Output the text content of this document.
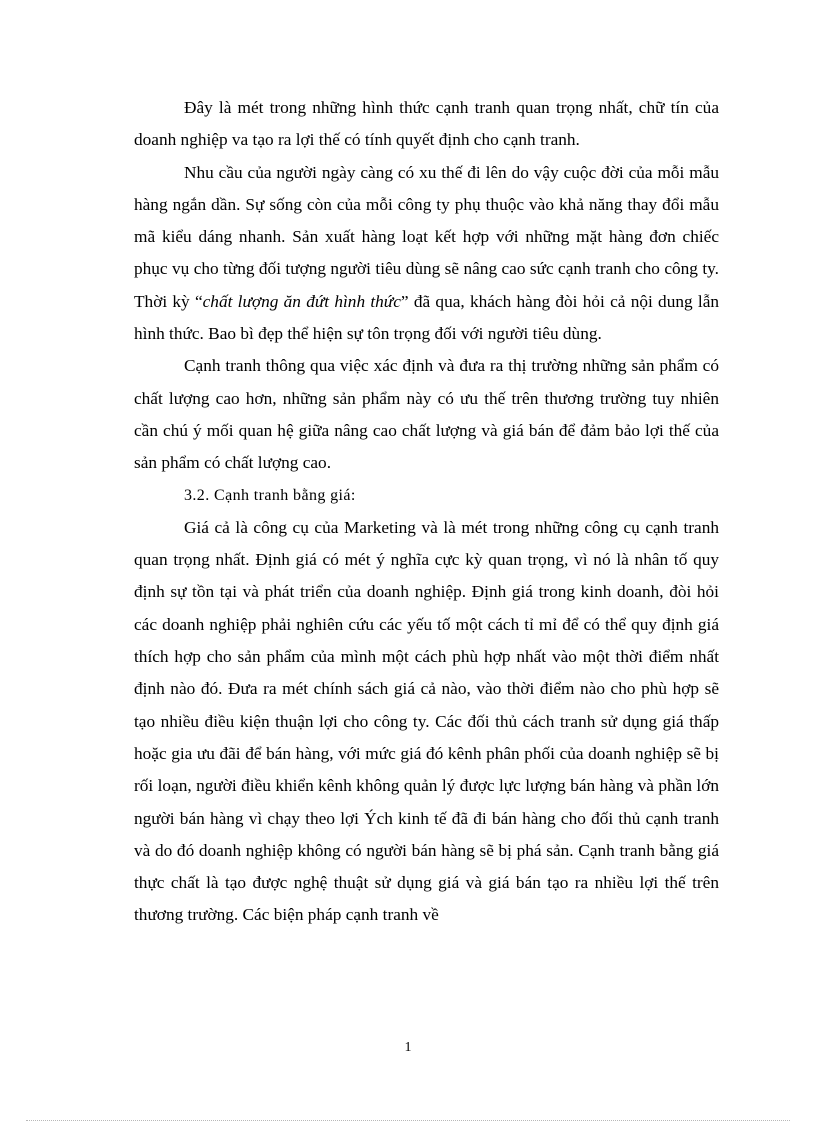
Đây là mét trong những hình thức cạnh tranh quan trọng nhất, chữ tín của doanh nghiệp va tạo ra lợi thế có tính quyết định cho cạnh tranh.

Nhu cầu của người ngày càng có xu thế đi lên do vậy cuộc đời của mỗi mẫu hàng ngắn dần. Sự sống còn của mỗi công ty phụ thuộc vào khả năng thay đổi mẫu mã kiểu dáng nhanh. Sản xuất hàng loạt kết hợp với những mặt hàng đơn chiếc phục vụ cho từng đối tượng người tiêu dùng sẽ nâng cao sức cạnh tranh cho công ty. Thời kỳ “chất lượng ăn đứt hình thức” đã qua, khách hàng đòi hỏi cả nội dung lẫn hình thức. Bao bì đẹp thể hiện sự tôn trọng đối với người tiêu dùng.

Cạnh tranh thông qua việc xác định và đưa ra thị trường những sản phẩm có chất lượng cao hơn, những sản phẩm này có ưu thế trên thương trường tuy nhiên cần chú ý mối quan hệ giữa nâng cao chất lượng và giá bán để đảm bảo lợi thế của sản phẩm có chất lượng cao.

3.2. Cạnh tranh bằng giá:

Giá cả là công cụ của Marketing và là mét trong những công cụ cạnh tranh quan trọng nhất. Định giá có mét ý nghĩa cực kỳ quan trọng, vì nó là nhân tố quy định sự tồn tại và phát triển của doanh nghiệp. Định giá trong kinh doanh, đòi hỏi các doanh nghiệp phải nghiên cứu các yếu tố một cách tỉ mỉ để có thể quy định giá thích hợp cho sản phẩm của mình một cách phù hợp nhất vào một thời điểm nhất định nào đó. Đưa ra mét chính sách giá cả nào, vào thời điểm nào cho phù hợp sẽ tạo nhiều điều kiện thuận lợi cho công ty. Các đối thủ cách tranh sử dụng giá thấp hoặc gia ưu đãi để bán hàng, với mức giá đó kênh phân phối của doanh nghiệp sẽ bị rối loạn, người điều khiển kênh không quản lý được lực lượng bán hàng và phần lớn người bán hàng vì chạy theo lợi Ých kinh tế đã đi bán hàng cho đối thủ cạnh tranh và do đó doanh nghiệp không có người bán hàng sẽ bị phá sản. Cạnh tranh bằng giá thực chất là tạo được nghệ thuật sử dụng giá và giá bán tạo ra nhiều lợi thế trên thương trường. Các biện pháp cạnh tranh về

1
